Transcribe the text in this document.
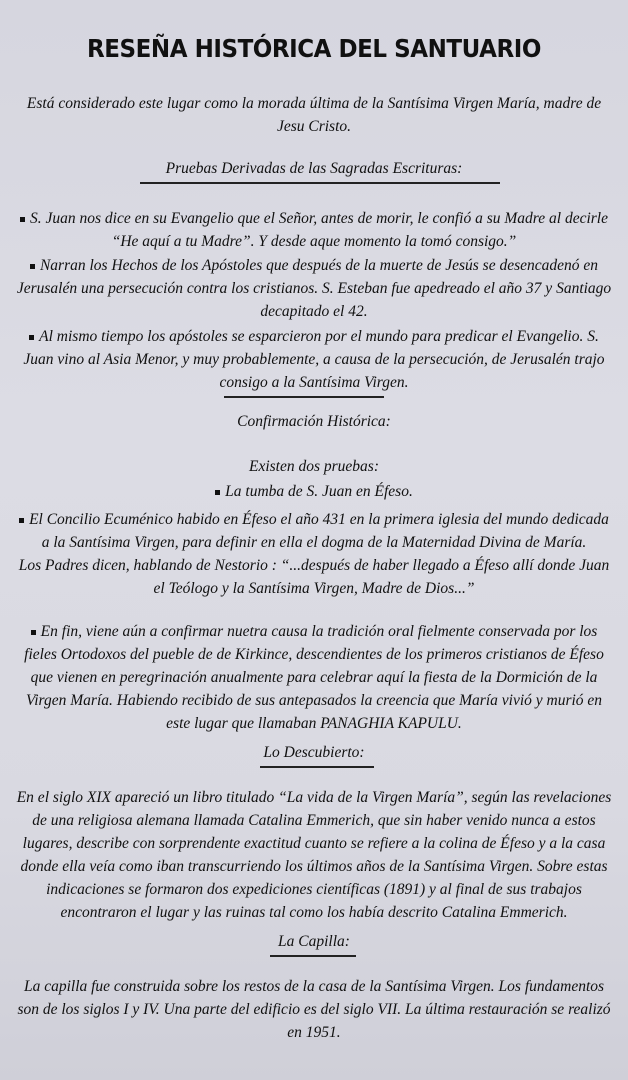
RESEÑA HISTÓRICA DEL SANTUARIO

Está considerado este lugar como la morada última de la Santísima Virgen María, madre de Jesu Cristo.

Pruebas Derivadas de las Sagradas Escrituras:

S. Juan nos dice en su Evangelio que el Señor, antes de morir, le confió a su Madre al decirle “He aquí a tu Madre”. Y desde aque momento la tomó consigo.”

Narran los Hechos de los Apóstoles que después de la muerte de Jesús se desencadenó en Jerusalén una persecución contra los cristianos. S. Esteban fue apedreado el año 37 y Santiago decapitado el 42.

Al mismo tiempo los apóstoles se esparcieron por el mundo para predicar el Evangelio. S. Juan vino al Asia Menor, y muy probablemente, a causa de la persecución, de Jerusalén trajo consigo a la Santísima Virgen.

Confirmación Histórica:
Existen dos pruebas:
La tumba de S. Juan en Éfeso.

El Concilio Ecuménico habido en Éfeso el año 431 en la primera iglesia del mundo dedicada a la Santísima Virgen, para definir en ella el dogma de la Maternidad Divina de María.

Los Padres dicen, hablando de Nestorio : “...después de haber llegado a Éfeso allí donde Juan el Teólogo y la Santísima Virgen, Madre de Dios...”

En fin, viene aún a confirmar nuetra causa la tradición oral fielmente conservada por los fieles Ortodoxos del pueble de de Kirkince, descendientes de los primeros cristianos de Éfeso que vienen en peregrinación anualmente para celebrar aquí la fiesta de la Dormición de la Virgen María. Habiendo recibido de sus antepasados la creencia que María vivió y murió en este lugar que llamaban PANAGHIA KAPULU.

Lo Descubierto:

En el siglo XIX apareció un libro titulado “La vida de la Virgen María”, según las revelaciones de una religiosa alemana llamada Catalina Emmerich, que sin haber venido nunca a estos lugares, describe con sorprendente exactitud cuanto se refiere a la colina de Éfeso y a la casa donde ella veía como iban transcurriendo los últimos años de la Santísima Virgen. Sobre estas indicaciones se formaron dos expediciones científicas (1891) y al final de sus trabajos encontraron el lugar y las ruinas tal como los había descrito Catalina Emmerich.

La Capilla:

La capilla fue construida sobre los restos de la casa de la Santísima Virgen. Los fundamentos son de los siglos I y IV. Una parte del edificio es del siglo VII. La última restauración se realizó en 1951.
